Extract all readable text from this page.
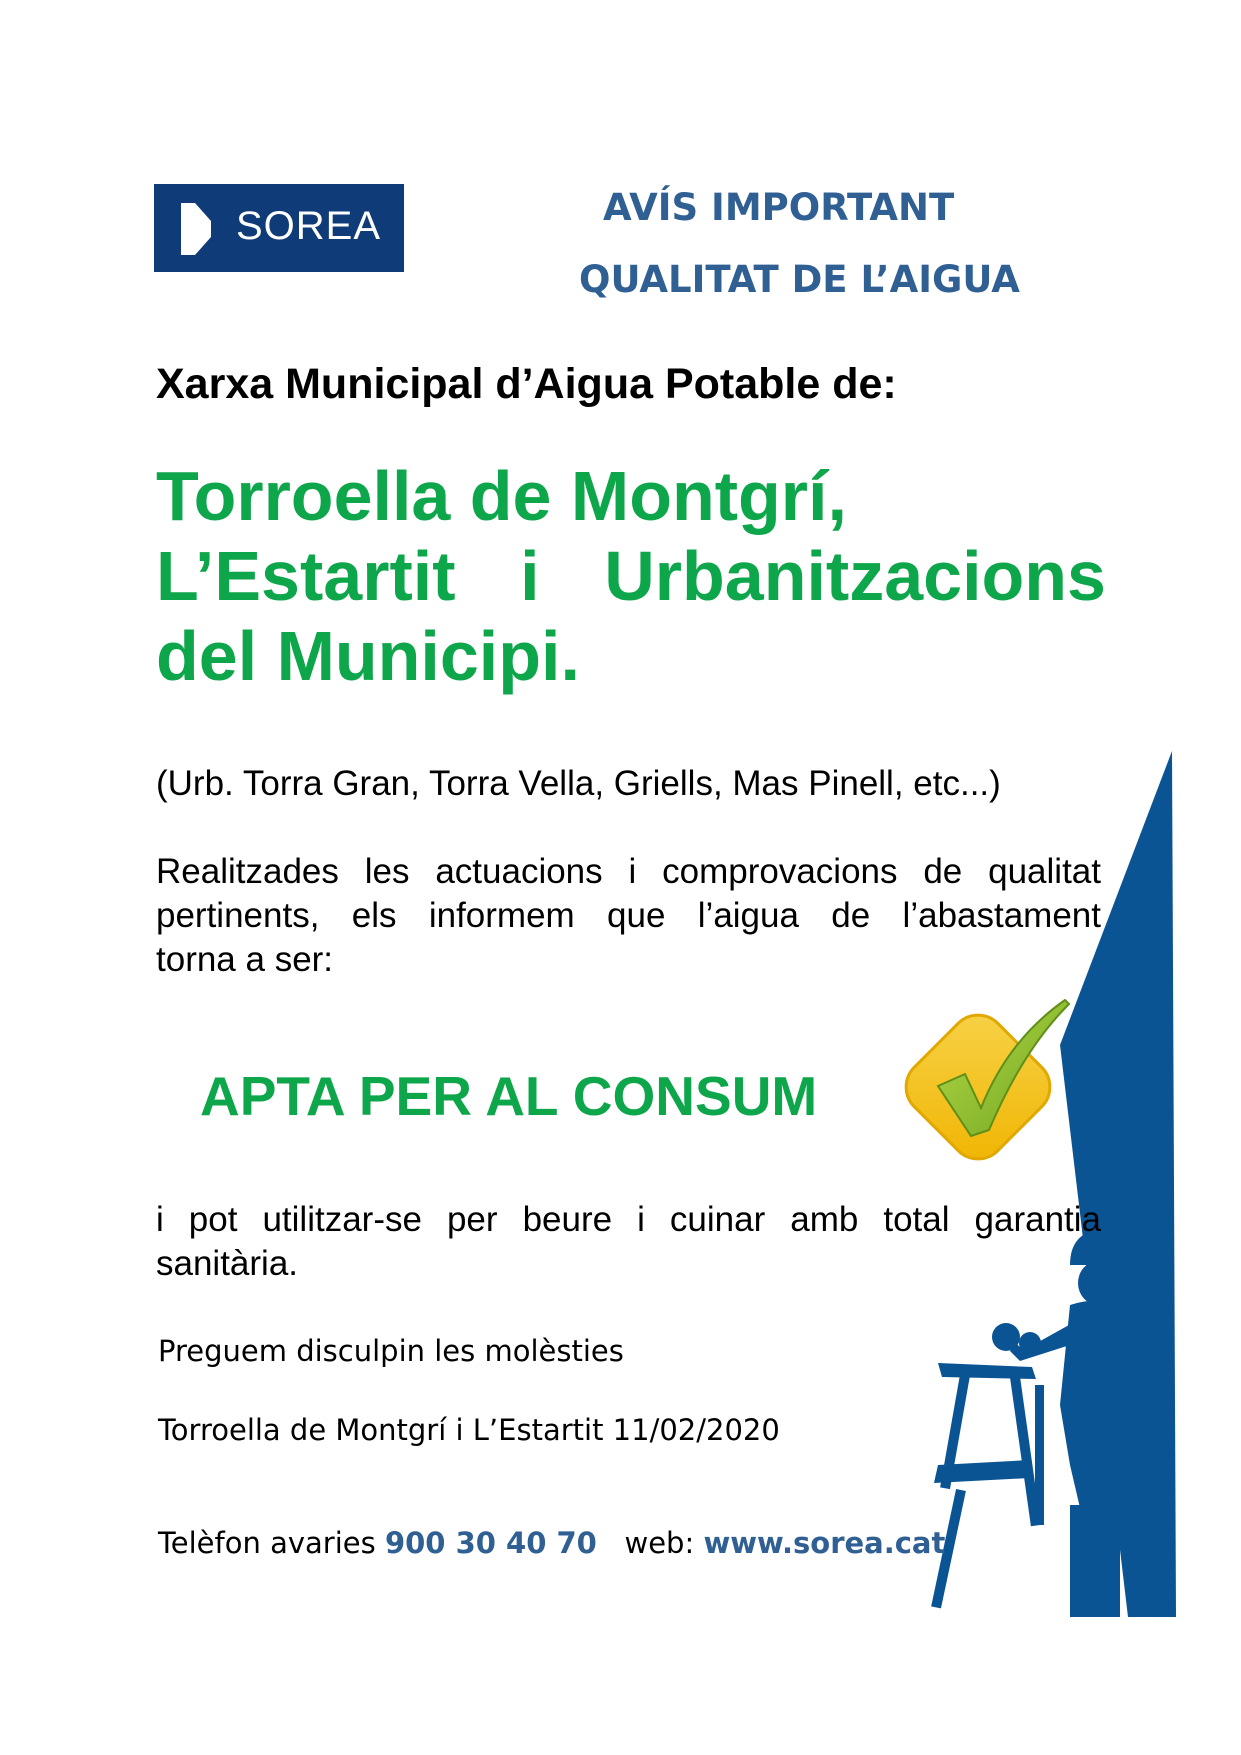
SOREA	AVÍS IMPORTANT
QUALITAT DE L’AIGUA
Xarxa Municipal d’Aigua Potable de:
Torroella de Montgrí,
L’Estartit i Urbanitzacions
del Municipi.
(Urb. Torra Gran, Torra Vella, Griells, Mas Pinell, etc...)
Realitzades les actuacions i comprovacions de qualitat
pertinents, els informem que l’aigua de l’abastament
torna a ser:
APTA PER AL CONSUM
i pot utilitzar-se per beure i cuinar amb total garantia
sanitària.
Preguem disculpin les molèsties
Torroella de Montgrí i L’Estartit 11/02/2020
Telèfon avaries 900 30 40 70 web: www.sorea.cat
